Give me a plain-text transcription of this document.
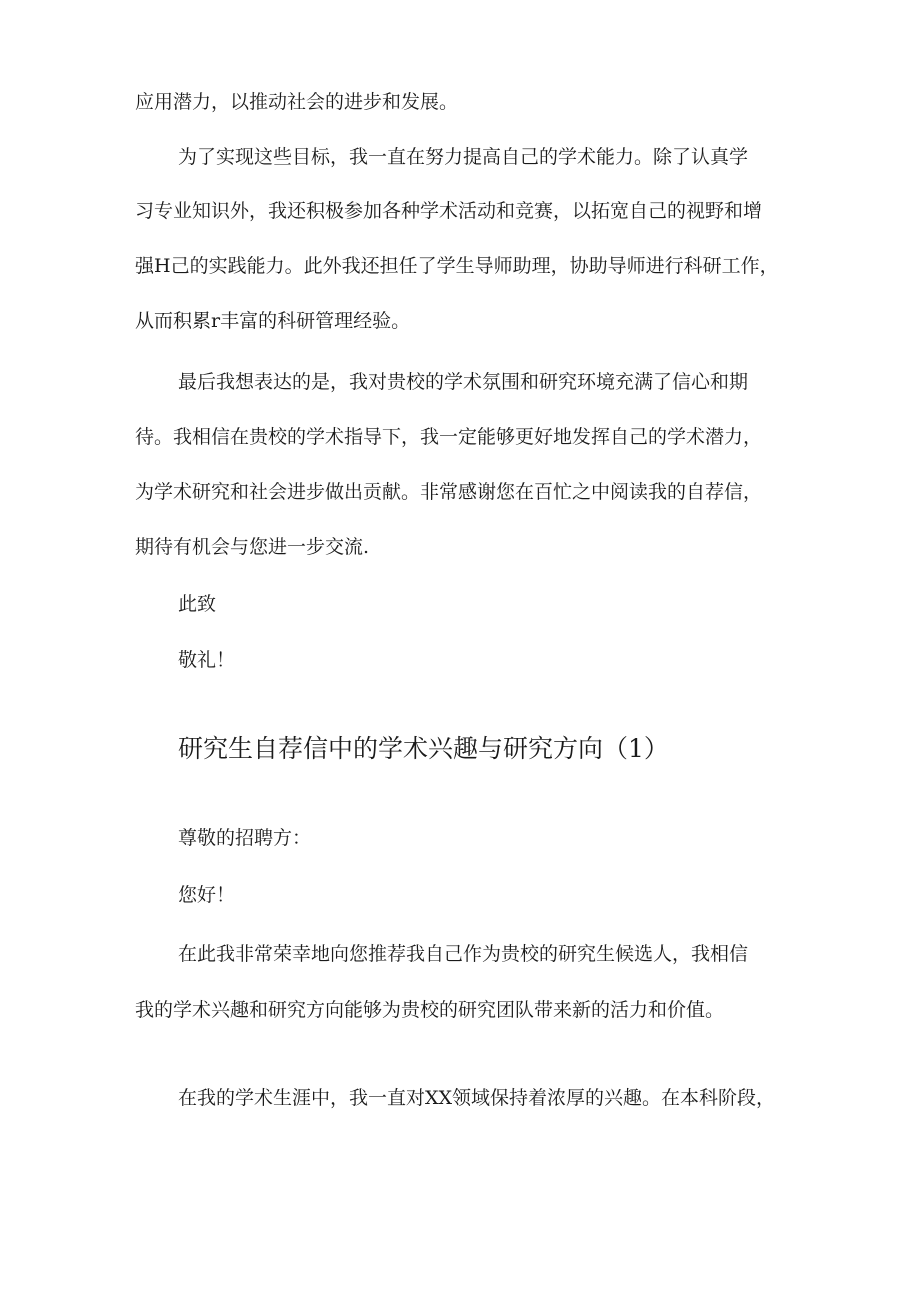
应用潜力，以推动社会的进步和发展。
为了实现这些目标，我一直在努力提高自己的学术能力。除了认真学
习专业知识外，我还积极参加各种学术活动和竞赛，以拓宽自己的视野和增
强H己的实践能力。此外我还担任了学生导师助理，协助导师进行科研工作，
从而积累r丰富的科研管理经验。
最后我想表达的是，我对贵校的学术氛围和研究环境充满了信心和期
待。我相信在贵校的学术指导下，我一定能够更好地发挥自己的学术潜力，
为学术研究和社会进步做出贡献。非常感谢您在百忙之中阅读我的自荐信，
期待有机会与您进一步交流.
此致
敬礼！
研究生自荐信中的学术兴趣与研究方向（1）
尊敬的招聘方：
您好！
在此我非常荣幸地向您推荐我自己作为贵校的研究生候选人，我相信
我的学术兴趣和研究方向能够为贵校的研究团队带来新的活力和价值。
在我的学术生涯中，我一直对XX领域保持着浓厚的兴趣。在本科阶段，
